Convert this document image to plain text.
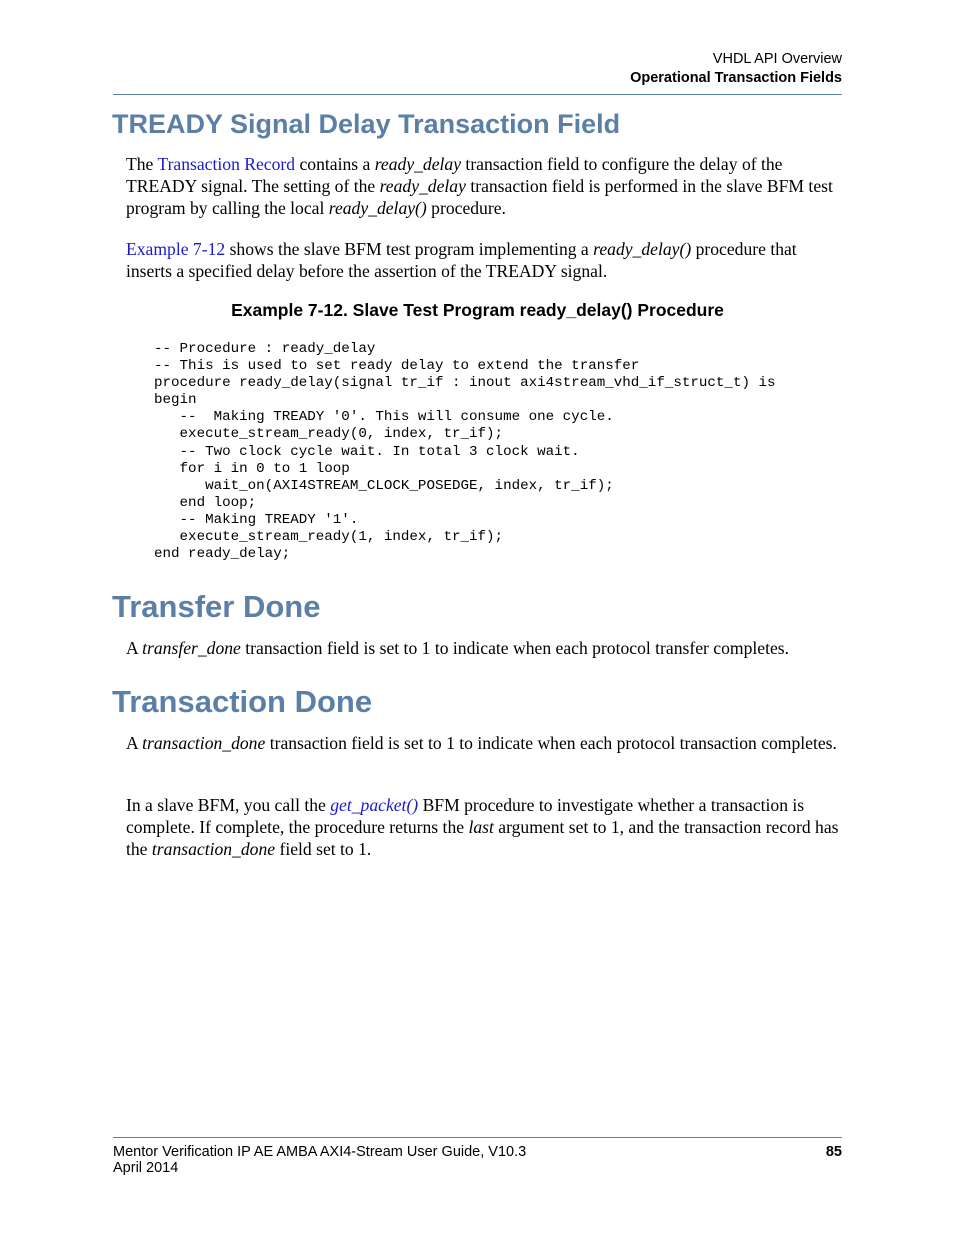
VHDL API Overview
Operational Transaction Fields
TREADY Signal Delay Transaction Field

The Transaction Record contains a ready_delay transaction field to configure the delay of the TREADY signal. The setting of the ready_delay transaction field is performed in the slave BFM test program by calling the local ready_delay() procedure.

Example 7-12 shows the slave BFM test program implementing a ready_delay() procedure that inserts a specified delay before the assertion of the TREADY signal.

Example 7-12. Slave Test Program ready_delay() Procedure
-- Procedure : ready_delay
-- This is used to set ready delay to extend the transfer
procedure ready_delay(signal tr_if : inout axi4stream_vhd_if_struct_t) is
begin
--  Making TREADY '0'. This will consume one cycle.
execute_stream_ready(0, index, tr_if);
-- Two clock cycle wait. In total 3 clock wait.
for i in 0 to 1 loop
wait_on(AXI4STREAM_CLOCK_POSEDGE, index, tr_if);
end loop;
-- Making TREADY '1'.
execute_stream_ready(1, index, tr_if);
end ready_delay;
Transfer Done

A transfer_done transaction field is set to 1 to indicate when each protocol transfer completes.

Transaction Done

A transaction_done transaction field is set to 1 to indicate when each protocol transaction completes.

In a slave BFM, you call the get_packet() BFM procedure to investigate whether a transaction is complete. If complete, the procedure returns the last argument set to 1, and the transaction record has the transaction_done field set to 1.

Mentor Verification IP AE AMBA AXI4-Stream User Guide, V10.3
April 2014
85
